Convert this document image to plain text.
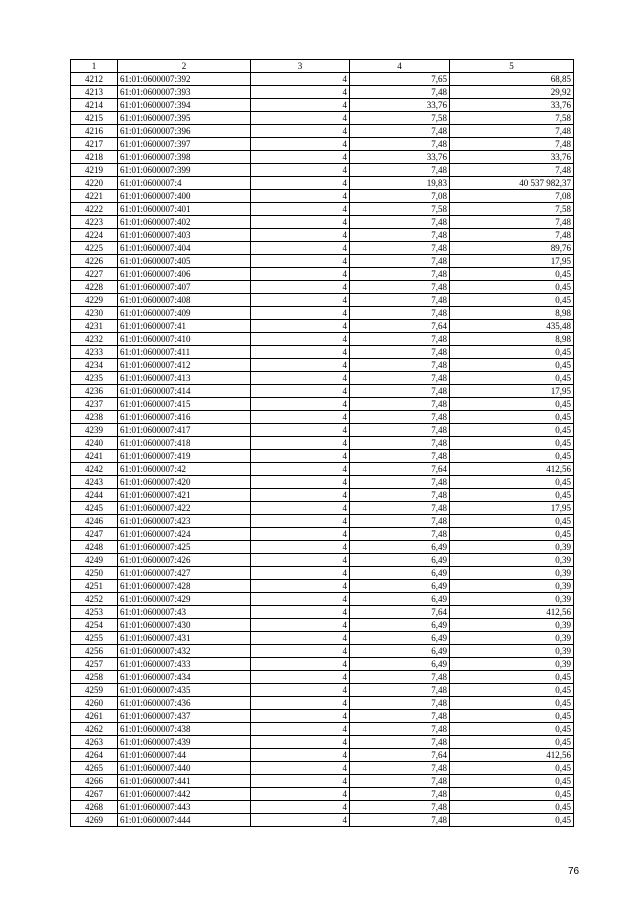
1	2	3	4	5
4212	61:01:0600007:392	4	7,65	68,85
4213	61:01:0600007:393	4	7,48	29,92
4214	61:01:0600007:394	4	33,76	33,76
4215	61:01:0600007:395	4	7,58	7,58
4216	61:01:0600007:396	4	7,48	7,48
4217	61:01:0600007:397	4	7,48	7,48
4218	61:01:0600007:398	4	33,76	33,76
4219	61:01:0600007:399	4	7,48	7,48
4220	61:01:0600007:4	4	19,83	40 537 982,37
4221	61:01:0600007:400	4	7,08	7,08
4222	61:01:0600007:401	4	7,58	7,58
4223	61:01:0600007:402	4	7,48	7,48
4224	61:01:0600007:403	4	7,48	7,48
4225	61:01:0600007:404	4	7,48	89,76
4226	61:01:0600007:405	4	7,48	17,95
4227	61:01:0600007:406	4	7,48	0,45
4228	61:01:0600007:407	4	7,48	0,45
4229	61:01:0600007:408	4	7,48	0,45
4230	61:01:0600007:409	4	7,48	8,98
4231	61:01:0600007:41	4	7,64	435,48
4232	61:01:0600007:410	4	7,48	8,98
4233	61:01:0600007:411	4	7,48	0,45
4234	61:01:0600007:412	4	7,48	0,45
4235	61:01:0600007:413	4	7,48	0,45
4236	61:01:0600007:414	4	7,48	17,95
4237	61:01:0600007:415	4	7,48	0,45
4238	61:01:0600007:416	4	7,48	0,45
4239	61:01:0600007:417	4	7,48	0,45
4240	61:01:0600007:418	4	7,48	0,45
4241	61:01:0600007:419	4	7,48	0,45
4242	61:01:0600007:42	4	7,64	412,56
4243	61:01:0600007:420	4	7,48	0,45
4244	61:01:0600007:421	4	7,48	0,45
4245	61:01:0600007:422	4	7,48	17,95
4246	61:01:0600007:423	4	7,48	0,45
4247	61:01:0600007:424	4	7,48	0,45
4248	61:01:0600007:425	4	6,49	0,39
4249	61:01:0600007:426	4	6,49	0,39
4250	61:01:0600007:427	4	6,49	0,39
4251	61:01:0600007:428	4	6,49	0,39
4252	61:01:0600007:429	4	6,49	0,39
4253	61:01:0600007:43	4	7,64	412,56
4254	61:01:0600007:430	4	6,49	0,39
4255	61:01:0600007:431	4	6,49	0,39
4256	61:01:0600007:432	4	6,49	0,39
4257	61:01:0600007:433	4	6,49	0,39
4258	61:01:0600007:434	4	7,48	0,45
4259	61:01:0600007:435	4	7,48	0,45
4260	61:01:0600007:436	4	7,48	0,45
4261	61:01:0600007:437	4	7,48	0,45
4262	61:01:0600007:438	4	7,48	0,45
4263	61:01:0600007:439	4	7,48	0,45
4264	61:01:0600007:44	4	7,64	412,56
4265	61:01:0600007:440	4	7,48	0,45
4266	61:01:0600007:441	4	7,48	0,45
4267	61:01:0600007:442	4	7,48	0,45
4268	61:01:0600007:443	4	7,48	0,45
4269	61:01:0600007:444	4	7,48	0,45
76
